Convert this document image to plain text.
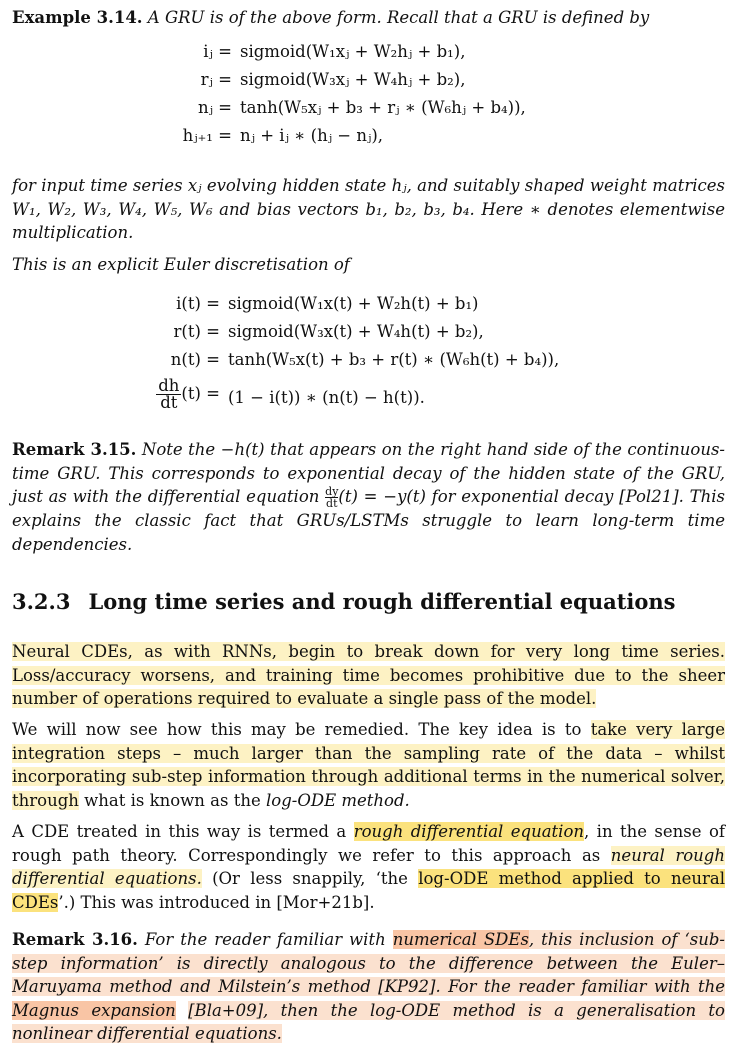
Example 3.14. A GRU is of the above form. Recall that a GRU is defined by
iⱼ = sigmoid(W₁xⱼ + W₂hⱼ + b₁),
rⱼ = sigmoid(W₃xⱼ + W₄hⱼ + b₂),
nⱼ = tanh(W₅xⱼ + b₃ + rⱼ ∗ (W₆hⱼ + b₄)),
hⱼ₊₁ = nⱼ + iⱼ ∗ (hⱼ − nⱼ),
for input time series xⱼ evolving hidden state hⱼ, and suitably shaped weight matrices W₁, W₂, W₃, W₄, W₅, W₆ and bias vectors b₁, b₂, b₃, b₄. Here ∗ denotes elementwise multiplication.
This is an explicit Euler discretisation of
i(t) = sigmoid(W₁x(t) + W₂h(t) + b₁)
r(t) = sigmoid(W₃x(t) + W₄h(t) + b₂),
n(t) = tanh(W₅x(t) + b₃ + r(t) ∗ (W₆h(t) + b₄)),
$\frac{dh}{dt} (t) = (1 - i(t))$ ∗ (n(t) − h(t)).
Remark 3.15. Note the −h(t) that appears on the right hand side of the continuous-time GRU. This corresponds to exponential decay of the hidden state of the GRU, just as with the differential equation $\frac{dy}{dt} (t) = -y(t)$ for exponential decay [Pol21]. This explains the classic fact that GRUs/LSTMs struggle to learn long-term time dependencies.
3.2.3 Long time series and rough differential equations
Neural CDEs, as with RNNs, begin to break down for very long time series. Loss/accuracy worsens, and training time becomes prohibitive due to the sheer number of operations required to evaluate a single pass of the model.
We will now see how this may be remedied. The key idea is to take very large integration steps – much larger than the sampling rate of the data – whilst incorporating sub-step information through additional terms in the numerical solver, through what is known as the log-ODE method.
A CDE treated in this way is termed a rough differential equation, in the sense of rough path theory. Correspondingly we refer to this approach as neural rough differential equations. (Or less snappily, ‘the log-ODE method applied to neural CDEs’.) This was introduced in [Mor+21b].
Remark 3.16. For the reader familiar with numerical SDEs, this inclusion of ‘sub-step information’ is directly analogous to the difference between the Euler–Maruyama method and Milstein’s method [KP92]. For the reader familiar with the Magnus expansion [Bla+09], then the log-ODE method is a generalisation to nonlinear differential equations.
